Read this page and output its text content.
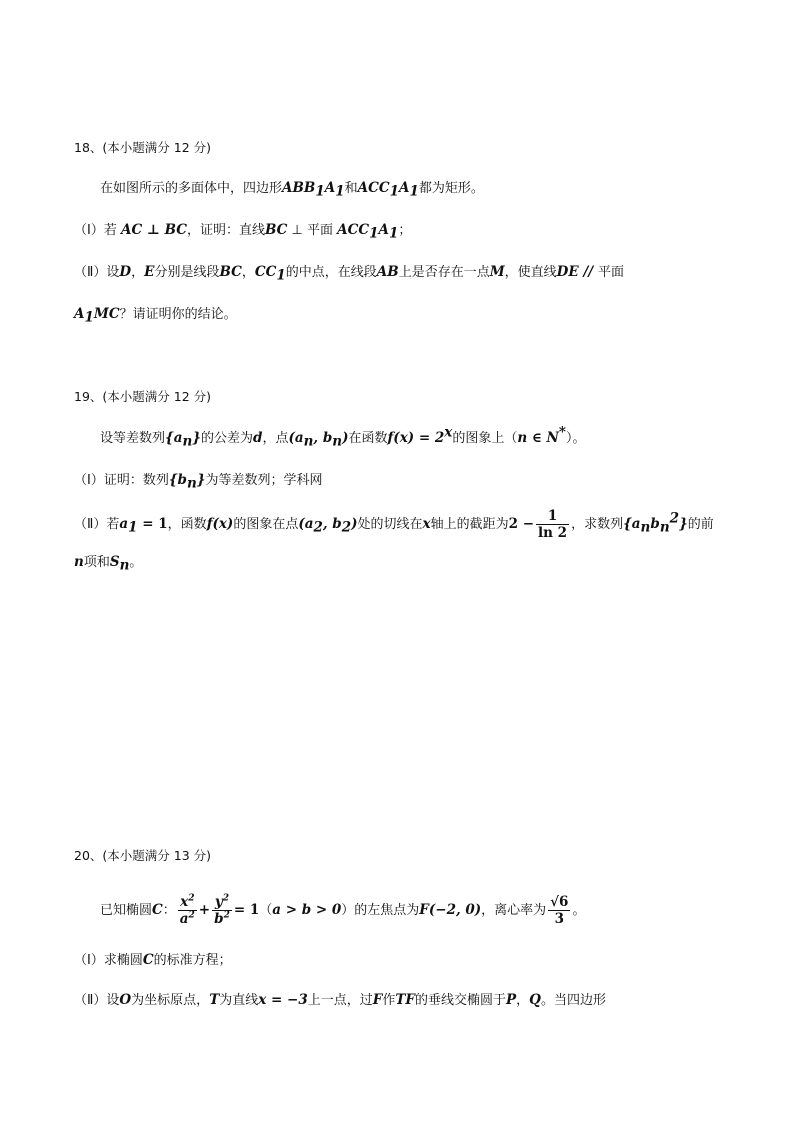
18、(本小题满分 12 分)
在如图所示的多面体中，四边形$ABB_1A_1$和$ACC_1A_1$都为矩形。
（Ⅰ）若 AC ⊥ BC，证明：直线BC ⊥ 平面 $ACC_1A_1$；
（Ⅱ）设D，E分别是线段BC，$CC_1$的中点，在线段AB上是否存在一点M，使直线DE // 平面
$A_1MC$？请证明你的结论。
19、(本小题满分 12 分)
设等差数列$\{a_n\}$的公差为d，点($a_n$, $b_n$)在函数$f(x) = 2^x$的图象上（n ∈ N*）。
（Ⅰ）证明：数列$\{b_n\}$为等差数列；学科网
（Ⅱ）若$a_1 = 1$，函数f(x)的图象在点($a_2$, $b_2$)处的切线在x轴上的截距为$2 - \frac{1}{\ln 2}$ ，求数列$\{a_nb_n^2\}$的前
n项和$S_n$。
20、(本小题满分 13 分)
已知椭圆C： $\frac{x^2}{a^2} + \frac{y^2}{b^2} = 1(a > b > 0)$的左焦点为F(−2, 0)，离心率为 $\frac{√6}{3}$ 。
（Ⅰ）求椭圆C的标准方程；
（Ⅱ）设O为坐标原点，T为直线x = −3上一点，过F作TF的垂线交椭圆于P，Q。当四边形
